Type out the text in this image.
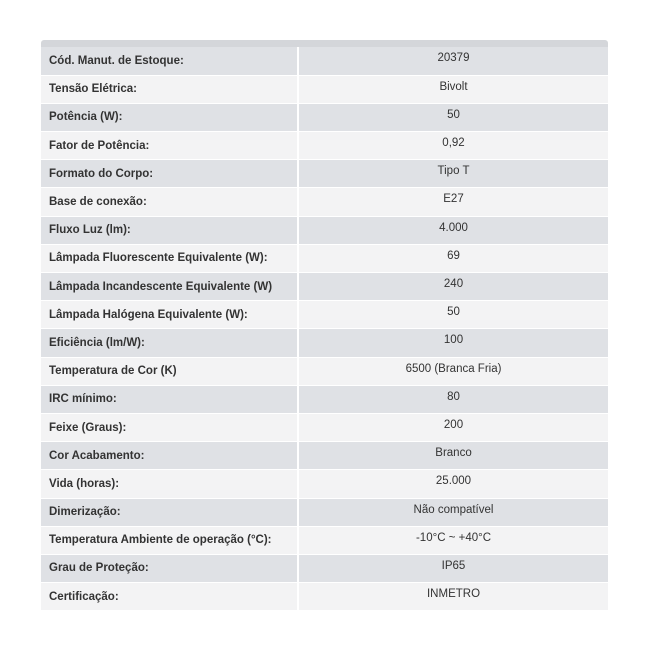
Cód. Manut. de Estoque:	20379
Tensão Elétrica:	Bivolt
Potência (W):	50
Fator de Potência:	0,92
Formato do Corpo:	Tipo T
Base de conexão:	E27
Fluxo Luz (lm):	4.000
Lâmpada Fluorescente Equivalente (W):	69
Lâmpada Incandescente Equivalente (W)	240
Lâmpada Halógena Equivalente (W):	50
Eficiência (lm/W):	100
Temperatura de Cor (K)	6500 (Branca Fria)
IRC mínimo:	80
Feixe (Graus):	200
Cor Acabamento:	Branco
Vida (horas):	25.000
Dimerização:	Não compatível
Temperatura Ambiente de operação (°C):	-10°C ~ +40°C
Grau de Proteção:	IP65
Certificação:	INMETRO
